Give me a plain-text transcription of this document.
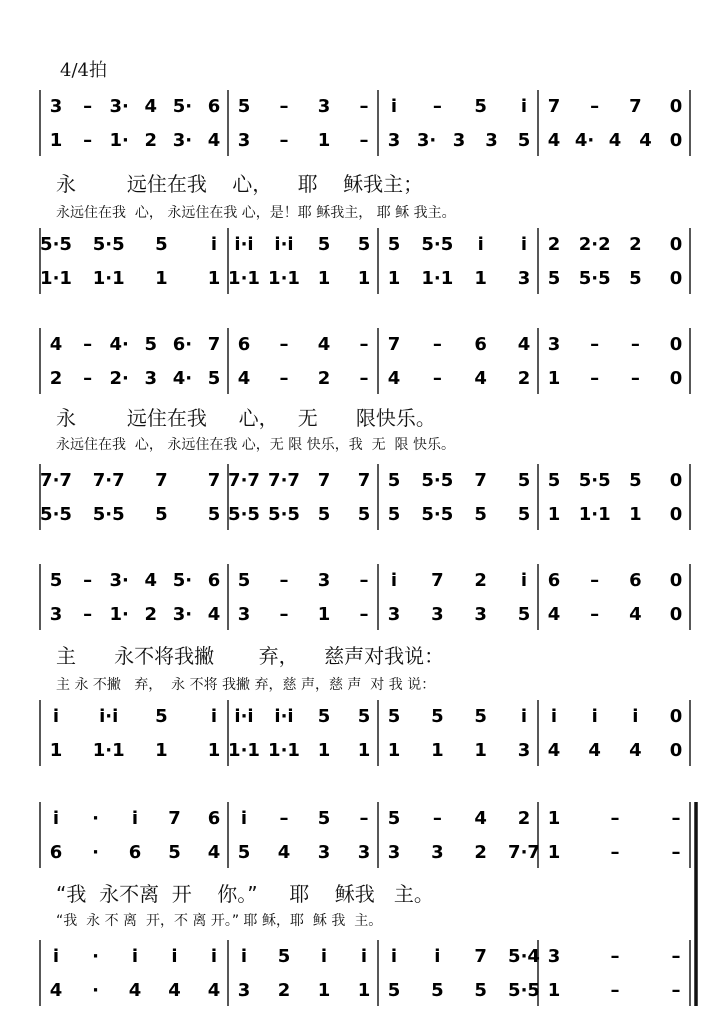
4/4拍
3 – 3· 4 5· 6 5 – 3 – i – 5 i 7 – 7 0
1 – 1· 2 3· 4 3 – 1 – 3 3· 3 3 5 4 4· 4 4 0
5·5 5·5 5 i i·i i·i 5 5 5 5·5 i i 2 2·2 2 0
1·1 1·1 1 1 1·1 1·1 1 1 1 1·1 1 3 5 5·5 5 0
4 – 4· 5 6· 7 6 – 4 – 7 – 6 4 3 – – 0
2 – 2· 3 4· 5 4 – 2 – 4 – 4 2 1 – – 0
7·7 7·7 7 7 7·7 7·7 7 7 5 5·5 7 5 5 5·5 5 0
5·5 5·5 5 5 5·5 5·5 5 5 5 5·5 5 5 1 1·1 1 0
5 – 3· 4 5· 6 5 – 3 – i 7 2 i 6 – 6 0
3 – 1· 2 3· 4 3 – 1 – 3 3 3 5 4 – 4 0
i i·i 5 i i·i i·i 5 5 5 5 5 i i i i 0
1 1·1 1 1 1·1 1·1 1 1 1 1 1 3 4 4 4 0
i · i 7 6 i – 5 – 5 – 4 2 1	–	–
6 · 6 5 4 5 4 3 3 3 3 2 7·7 1	–	–
i · i i i i 5 i i i i 7 5·4 3	–	–
4 · 4 4 4 3 2 1 1 5 5 5 5·5 1	–	–
永        远住在我    心，    耶    稣我主；
永远住在我  心， 永远住在我 心，是！耶 稣我主， 耶 稣 我主。
永        远住在我     心，   无      限快乐。
永远住在我  心， 永远住在我 心，无 限 快乐，我  无  限 快乐。
主      永不将我撇       弃，    慈声对我说：
主 永 不撇   弃，  永 不将 我撇 弃，慈 声，慈 声  对 我 说：
“我  永不离  开    你。”     耶    稣我   主。
“我  永 不 离  开，不 离 开。” 耶 稣，耶  稣 我  主。
